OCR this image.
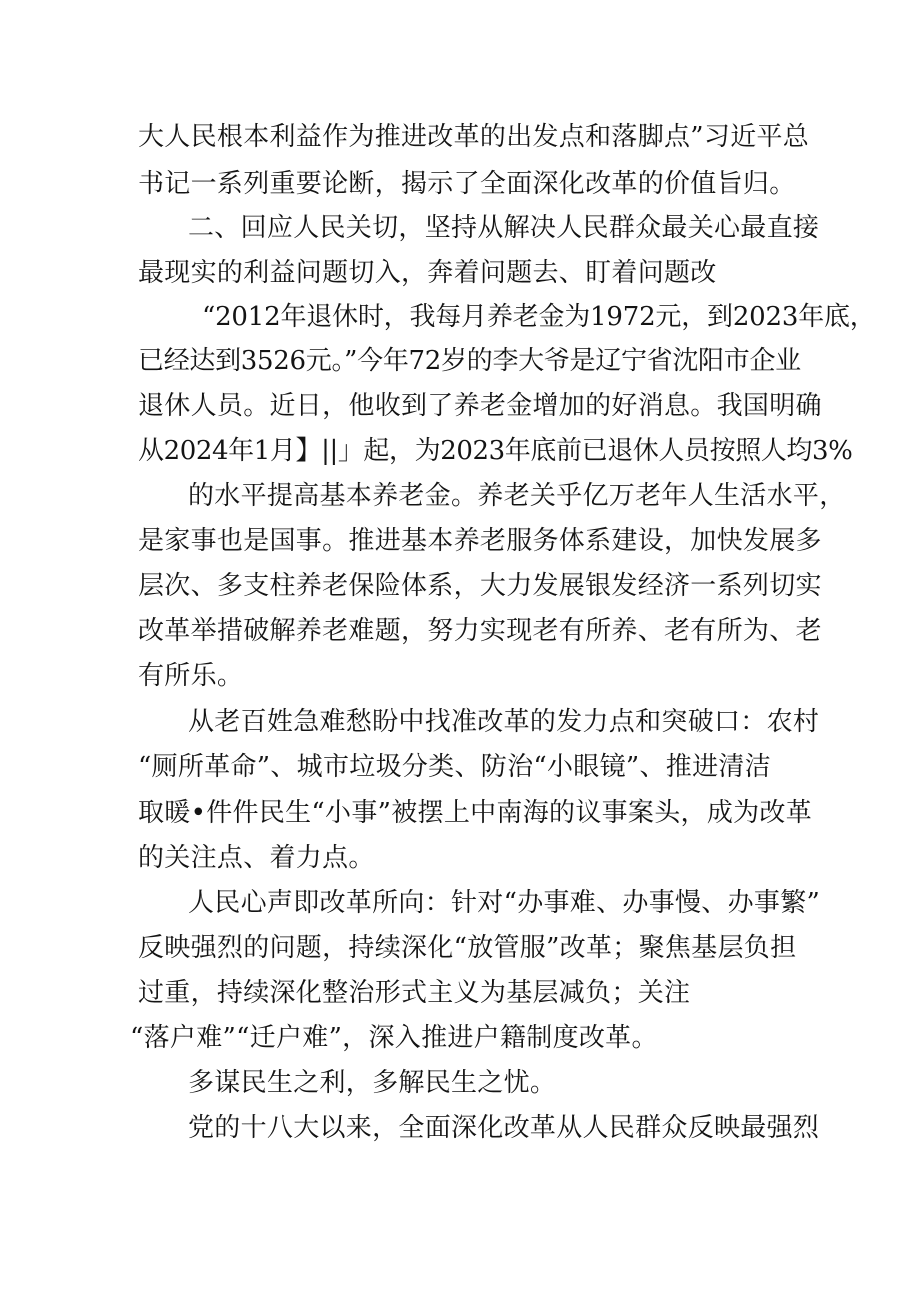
大人民根本利益作为推进改革的出发点和落脚点”习近平总
书记一系列重要论断，揭示了全面深化改革的价值旨归。
二、回应人民关切，坚持从解决人民群众最关心最直接
最现实的利益问题切入，奔着问题去、盯着问题改
“2012年退休时，我每月养老金为1972元，到2023年底，
已经达到3526元。”今年72岁的李大爷是辽宁省沈阳市企业
退休人员。近日，他收到了养老金增加的好消息。我国明确
从2024年1月】||」起，为2023年底前已退休人员按照人均3%
的水平提高基本养老金。养老关乎亿万老年人生活水平，
是家事也是国事。推进基本养老服务体系建设，加快发展多
层次、多支柱养老保险体系，大力发展银发经济一系列切实
改革举措破解养老难题，努力实现老有所养、老有所为、老
有所乐。
从老百姓急难愁盼中找准改革的发力点和突破口：农村
“厕所革命”、城市垃圾分类、防治“小眼镜”、推进清洁
取暖•件件民生“小事”被摆上中南海的议事案头，成为改革
的关注点、着力点。
人民心声即改革所向：针对“办事难、办事慢、办事繁”
反映强烈的问题，持续深化“放管服”改革；聚焦基层负担
过重，持续深化整治形式主义为基层减负；关注
“落户难”“迁户难”，深入推进户籍制度改革。
多谋民生之利，多解民生之忧。
党的十八大以来，全面深化改革从人民群众反映最强烈
